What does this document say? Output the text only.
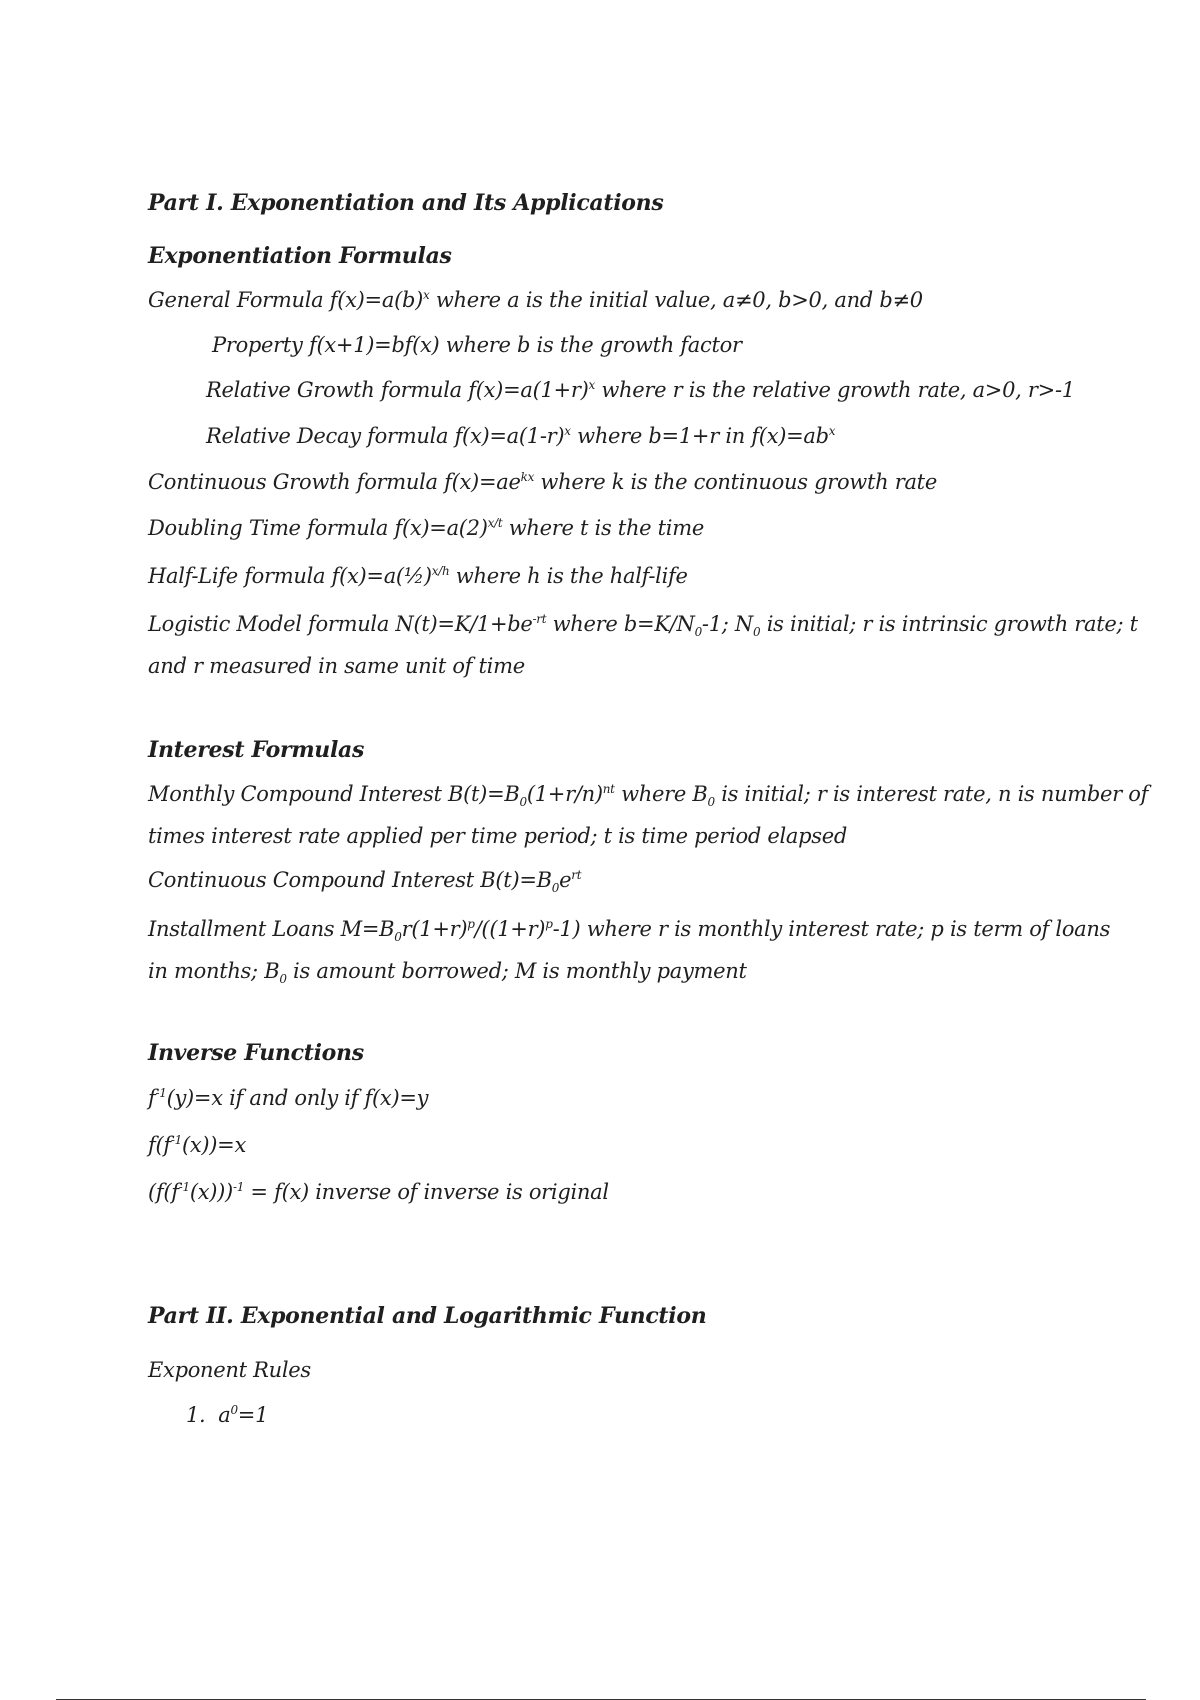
Part I. Exponentiation and Its Applications
Exponentiation Formulas
General Formula $f(x)=a(b)^x$ where a is the initial value, a≠0, b>0, and b≠0
Property f(x+1)=bf(x) where b is the growth factor
Relative Growth formula $f(x)=a(1+r)^x$ where r is the relative growth rate, a>0, r>-1
Relative Decay formula $f(x)=a(1-r)^x$ where b=1+r in $f(x)=ab^x$
Continuous Growth formula $f(x)=ae^{kx}$ where k is the continuous growth rate
Doubling Time formula $f(x)=a(2)^{x/t}$ where t is the time
Half-Life formula f(x)=a(½)$^{x/h}$ where h is the half-life
Logistic Model formula $N(t)=K/1+be^{-rt}$ where $b=K/N_0-1$; $N_0$ is initial; r is intrinsic growth rate; t
and r measured in same unit of time
Interest Formulas
Monthly Compound Interest $B(t)=B_0(1+r/n)^{nt}$ where $B_0$ is initial; r is interest rate, n is number of
times interest rate applied per time period; t is time period elapsed
Continuous Compound Interest $B(t)=B_0e^{rt}$
Installment Loans $M=B_0r(1+r)^p/((1+r)^p-1)$ where r is monthly interest rate; p is term of loans
in months; $B_0$ is amount borrowed; M is monthly payment
Inverse Functions
$f^{-1}(y)=x$ if and only if f(x)=y
$f(f^{-1}(x))=x$
$(f(f^{-1}(x)))^{-1} = f(x)$ inverse of inverse is original
Part II. Exponential and Logarithmic Function
Exponent Rules
1. $a^0=1$
